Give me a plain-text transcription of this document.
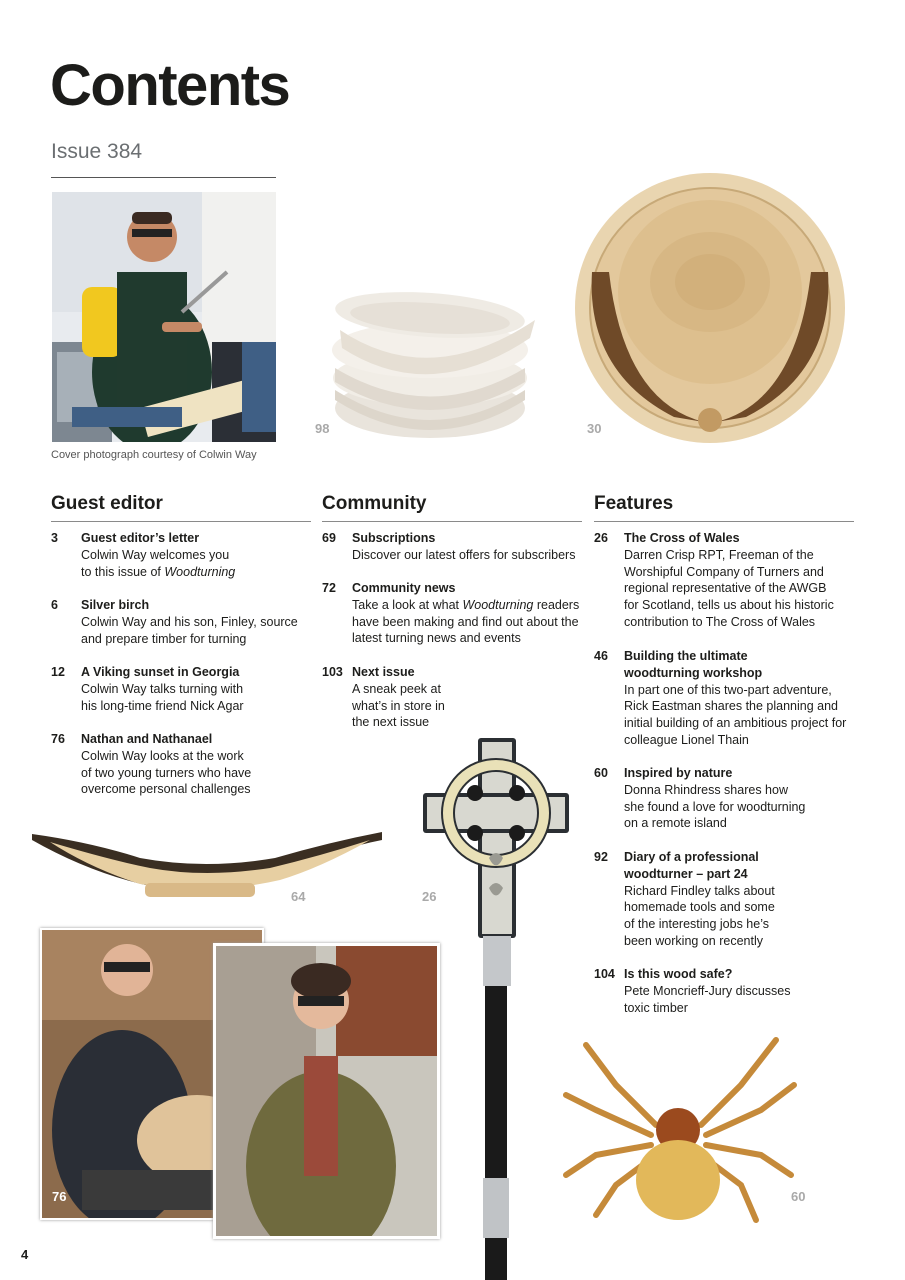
Contents
Issue 384
Cover photograph courtesy of Colwin Way
98	30
Guest editor	Community	Features
3 Guest editor’s letter
Colwin Way welcomes you
to this issue of Woodturning
6 Silver birch
Colwin Way and his son, Finley, source
and prepare timber for turning
12 A Viking sunset in Georgia
Colwin Way talks turning with
his long-time friend Nick Agar
76 Nathan and Nathanael
Colwin Way looks at the work
of two young turners who have
overcome personal challenges
69 Subscriptions
Discover our latest offers for subscribers
72 Community news
Take a look at what Woodturning readers
have been making and find out about the
latest turning news and events
103 Next issue
A sneak peek at
what’s in store in
the next issue
26 The Cross of Wales
Darren Crisp RPT, Freeman of the
Worshipful Company of Turners and
regional representative of the AWGB
for Scotland, tells us about his historic
contribution to The Cross of Wales
46 Building the ultimate
woodturning workshop
In part one of this two-part adventure,
Rick Eastman shares the planning and
initial building of an ambitious project for
colleague Lionel Thain
60 Inspired by nature
Donna Rhindress shares how
she found a love for woodturning
on a remote island
92 Diary of a professional
woodturner – part 24
Richard Findley talks about
homemade tools and some
of the interesting jobs he’s
been working on recently
104 Is this wood safe?
Pete Moncrieff-Jury discusses
toxic timber
64	26
76	60
4
